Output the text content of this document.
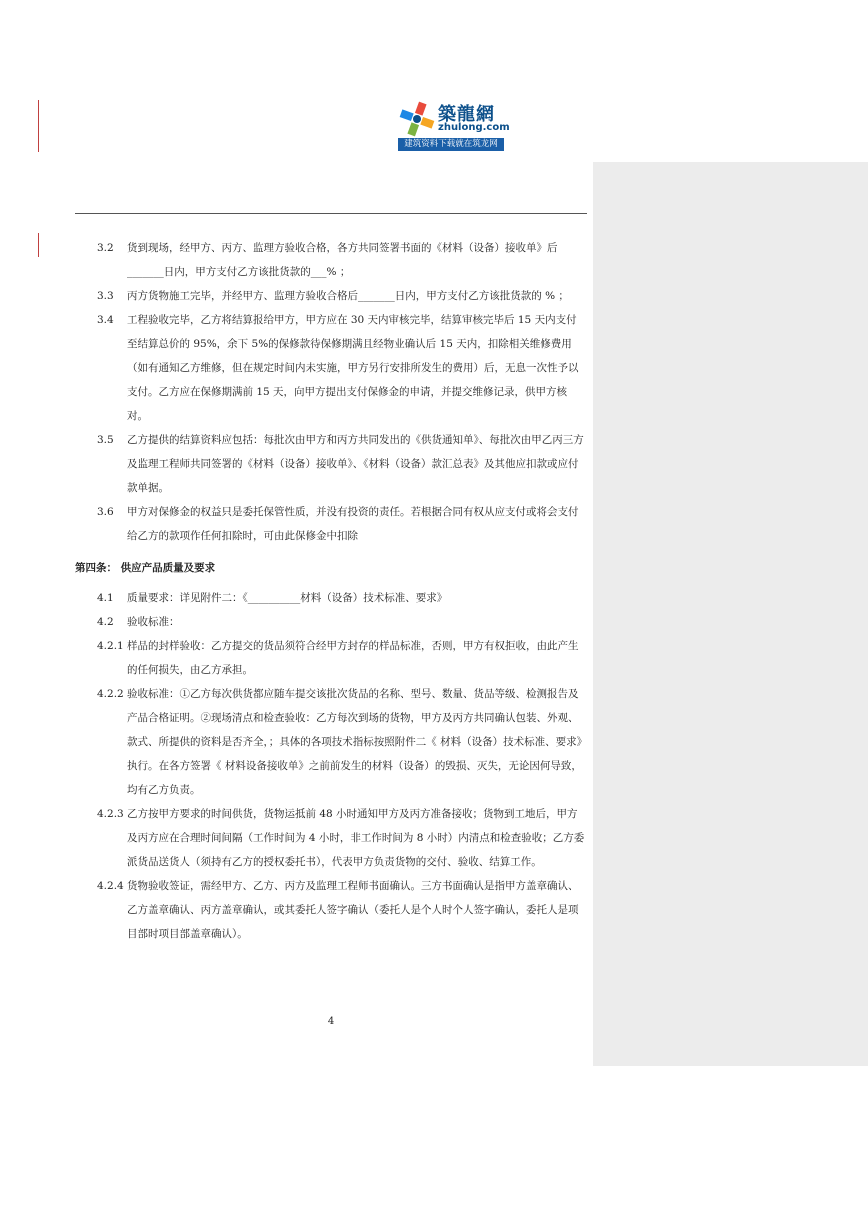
築龍網
zhulong.com
建筑资料下载就在筑龙网
3.2	货到现场，经甲方、丙方、监理方验收合格，各方共同签署书面的《材料（设备）接收单》后_______日内，甲方支付乙方该批货款的___% ；
3.3	丙方货物施工完毕，并经甲方、监理方验收合格后_______日内，甲方支付乙方该批货款的 % ；
3.4	工程验收完毕，乙方将结算报给甲方，甲方应在 30 天内审核完毕，结算审核完毕后 15 天内支付至结算总价的 95%，余下 5%的保修款待保修期满且经物业确认后 15 天内，扣除相关维修费用（如有通知乙方维修，但在规定时间内未实施，甲方另行安排所发生的费用）后，无息一次性予以支付。乙方应在保修期满前 15 天，向甲方提出支付保修金的申请，并提交维修记录，供甲方核对。
3.5	乙方提供的结算资料应包括：每批次由甲方和丙方共同发出的《供货通知单》、每批次由甲乙丙三方及监理工程师共同签署的《材料（设备）接收单》、《材料（设备）款汇总表》及其他应扣款或应付款单据。
3.6	甲方对保修金的权益只是委托保管性质，并没有投资的责任。若根据合同有权从应支付或将会支付给乙方的款项作任何扣除时，可由此保修金中扣除
第四条： 供应产品质量及要求
4.1	质量要求：详见附件二：《__________材料（设备）技术标准、要求》
4.2	验收标准：
4.2.1 样品的封样验收：乙方提交的货品须符合经甲方封存的样品标准，否则，甲方有权拒收，由此产生的任何损失，由乙方承担。
4.2.2 验收标准：①乙方每次供货都应随车提交该批次货品的名称、型号、数量、货品等级、检测报告及产品合格证明。②现场清点和检查验收：乙方每次到场的货物，甲方及丙方共同确认包装、外观、款式、所提供的资料是否齐全，；具体的各项技术指标按照附件二《 材料（设备）技术标准、要求》执行。在各方签署《 材料设备接收单》之前前发生的材料（设备）的毁损、灭失，无论因何导致，均有乙方负责。
4.2.3 乙方按甲方要求的时间供货，货物运抵前 48 小时通知甲方及丙方准备接收；货物到工地后，甲方及丙方应在合理时间间隔（工作时间为 4 小时，非工作时间为 8 小时）内清点和检查验收；乙方委派货品送货人（须持有乙方的授权委托书），代表甲方负责货物的交付、验收、结算工作。
4.2.4 货物验收签证，需经甲方、乙方、丙方及监理工程师书面确认。三方书面确认是指甲方盖章确认、乙方盖章确认、丙方盖章确认，或其委托人签字确认（委托人是个人时个人签字确认，委托人是项目部时项目部盖章确认）。
4
